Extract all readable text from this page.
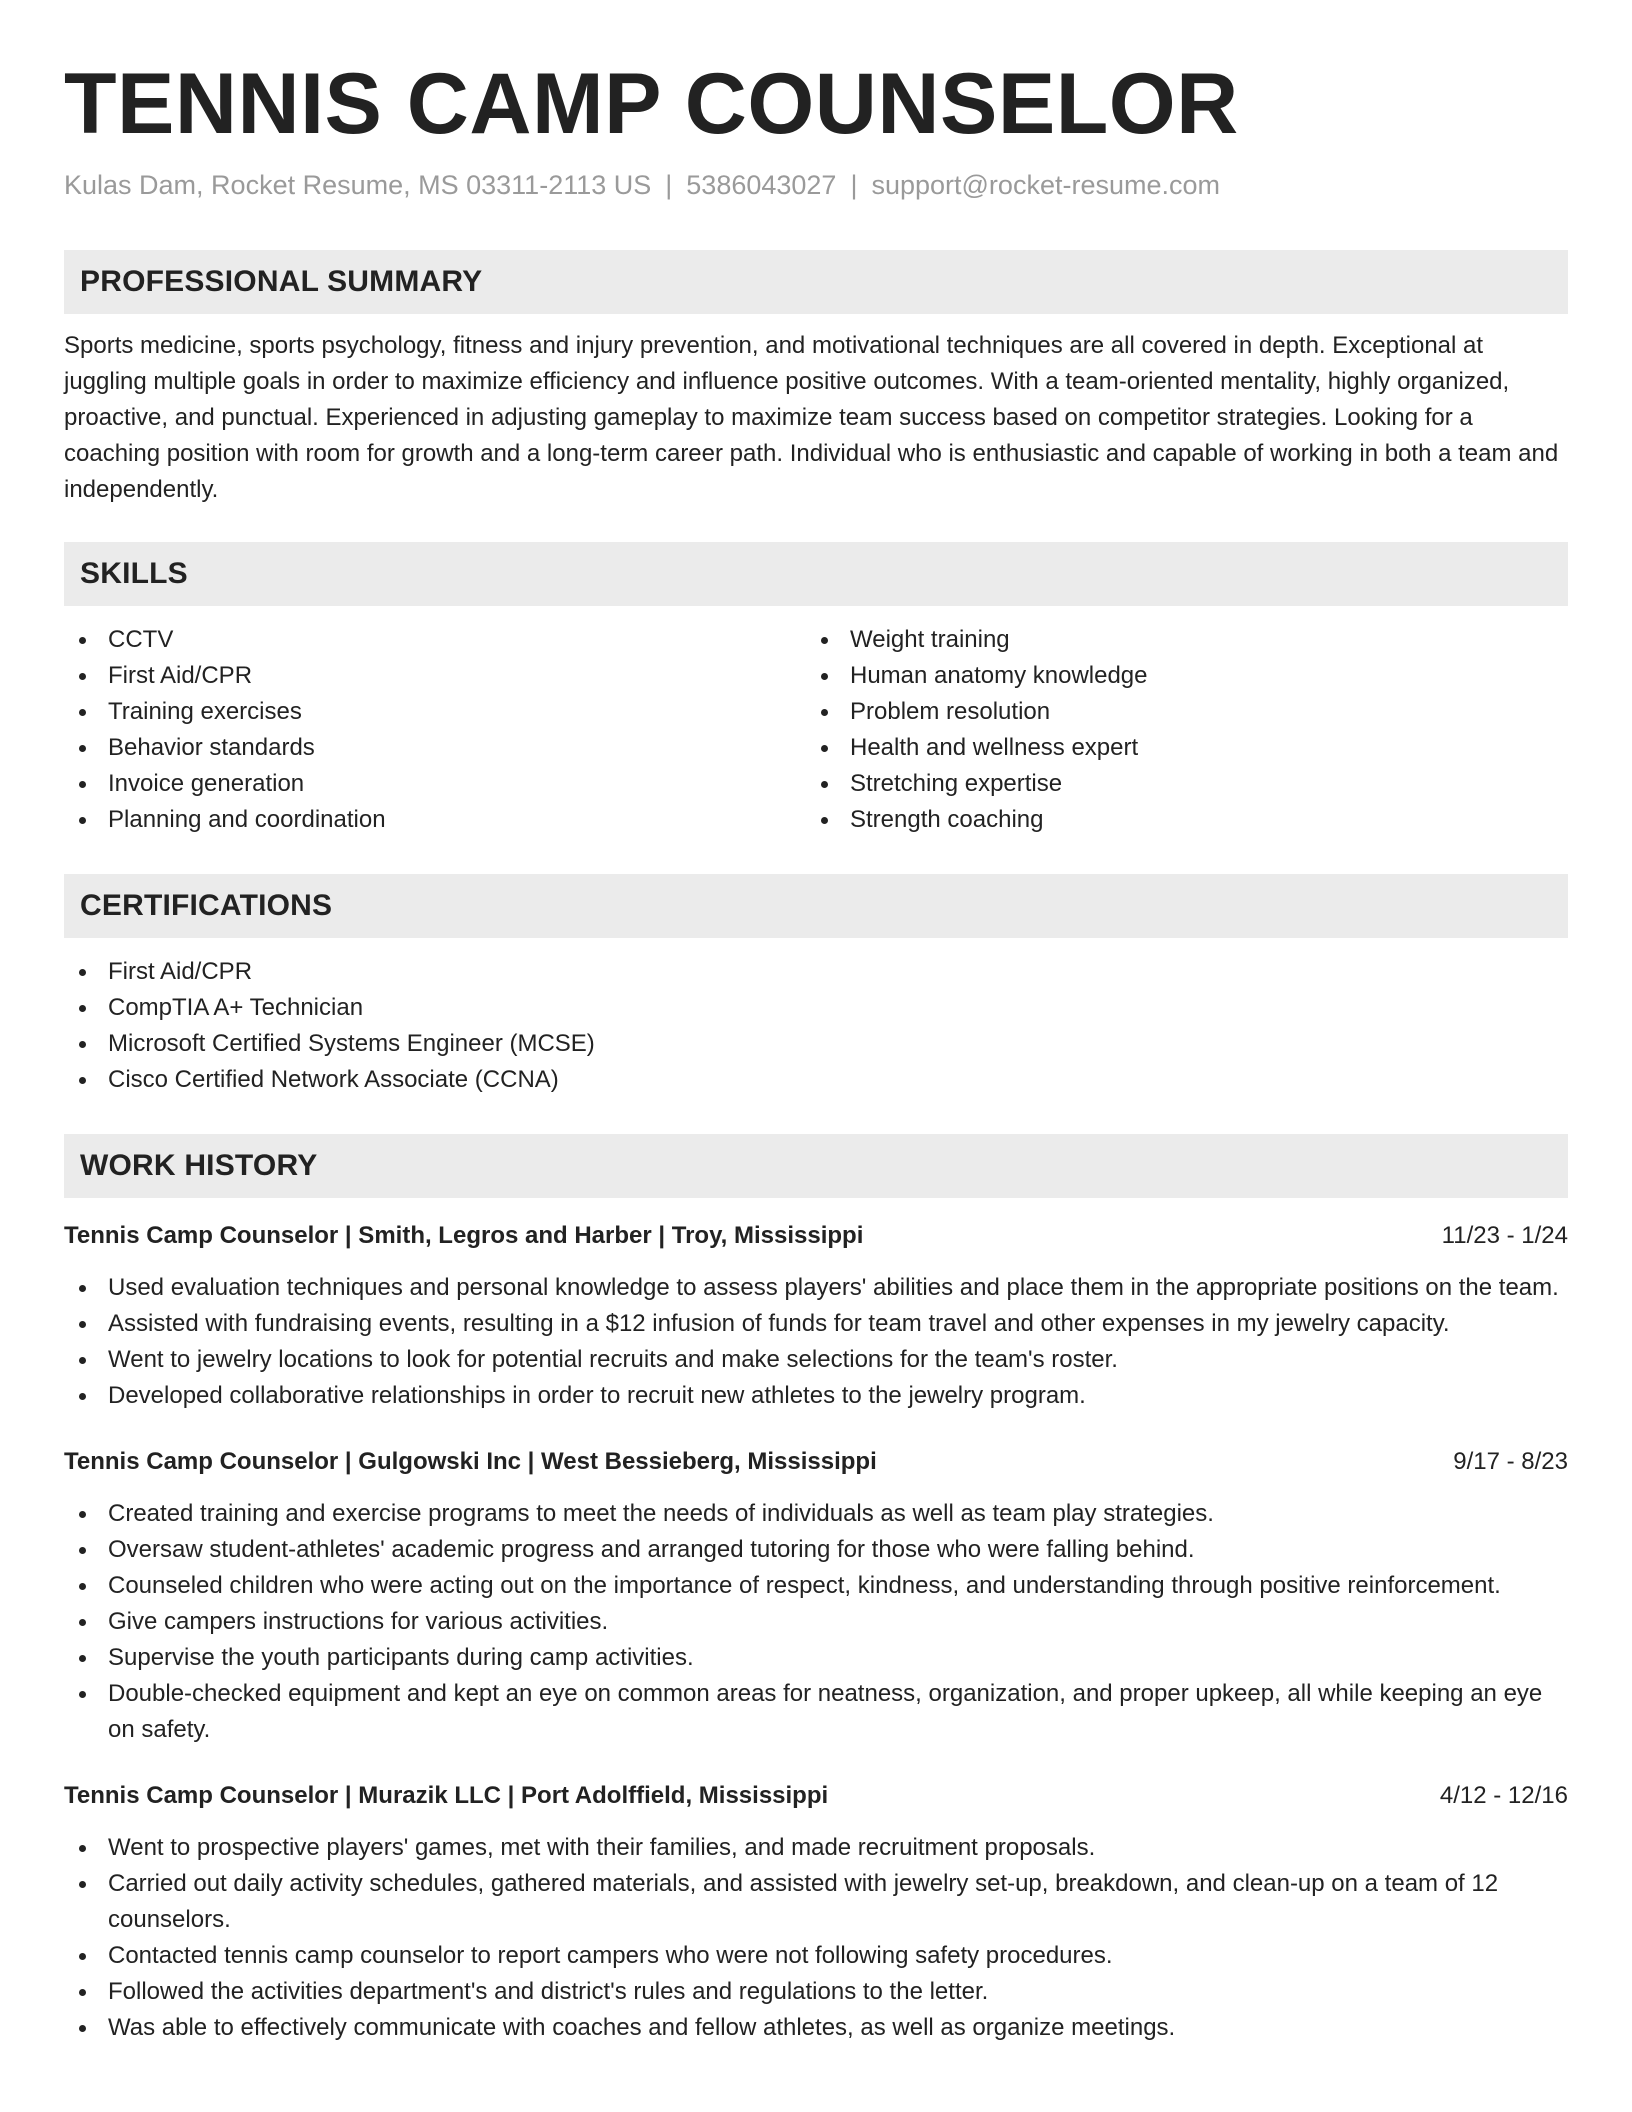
TENNIS CAMP COUNSELOR
Kulas Dam, Rocket Resume, MS 03311-2113 US | 5386043027 | support@rocket-resume.com
PROFESSIONAL SUMMARY

Sports medicine, sports psychology, fitness and injury prevention, and motivational techniques are all covered in depth. Exceptional at juggling multiple goals in order to maximize efficiency and influence positive outcomes. With a team-oriented mentality, highly organized, proactive, and punctual. Experienced in adjusting gameplay to maximize team success based on competitor strategies. Looking for a coaching position with room for growth and a long-term career path. Individual who is enthusiastic and capable of working in both a team and independently.

SKILLS
CCTV
First Aid/CPR
Training exercises
Behavior standards
Invoice generation
Planning and coordination
Weight training
Human anatomy knowledge
Problem resolution
Health and wellness expert
Stretching expertise
Strength coaching
CERTIFICATIONS
First Aid/CPR
CompTIA A+ Technician
Microsoft Certified Systems Engineer (MCSE)
Cisco Certified Network Associate (CCNA)
WORK HISTORY
Tennis Camp Counselor | Smith, Legros and Harber | Troy, Mississippi	11/23 - 1/24
Used evaluation techniques and personal knowledge to assess players' abilities and place them in the appropriate positions on the team.
Assisted with fundraising events, resulting in a $12 infusion of funds for team travel and other expenses in my jewelry capacity.
Went to jewelry locations to look for potential recruits and make selections for the team's roster.
Developed collaborative relationships in order to recruit new athletes to the jewelry program.
Tennis Camp Counselor | Gulgowski Inc | West Bessieberg, Mississippi	9/17 - 8/23
Created training and exercise programs to meet the needs of individuals as well as team play strategies.
Oversaw student-athletes' academic progress and arranged tutoring for those who were falling behind.
Counseled children who were acting out on the importance of respect, kindness, and understanding through positive reinforcement.
Give campers instructions for various activities.
Supervise the youth participants during camp activities.
Double-checked equipment and kept an eye on common areas for neatness, organization, and proper upkeep, all while keeping an eye on safety.
Tennis Camp Counselor | Murazik LLC | Port Adolffield, Mississippi	4/12 - 12/16
Went to prospective players' games, met with their families, and made recruitment proposals.
Carried out daily activity schedules, gathered materials, and assisted with jewelry set-up, breakdown, and clean-up on a team of 12 counselors.
Contacted tennis camp counselor to report campers who were not following safety procedures.
Followed the activities department's and district's rules and regulations to the letter.
Was able to effectively communicate with coaches and fellow athletes, as well as organize meetings.
